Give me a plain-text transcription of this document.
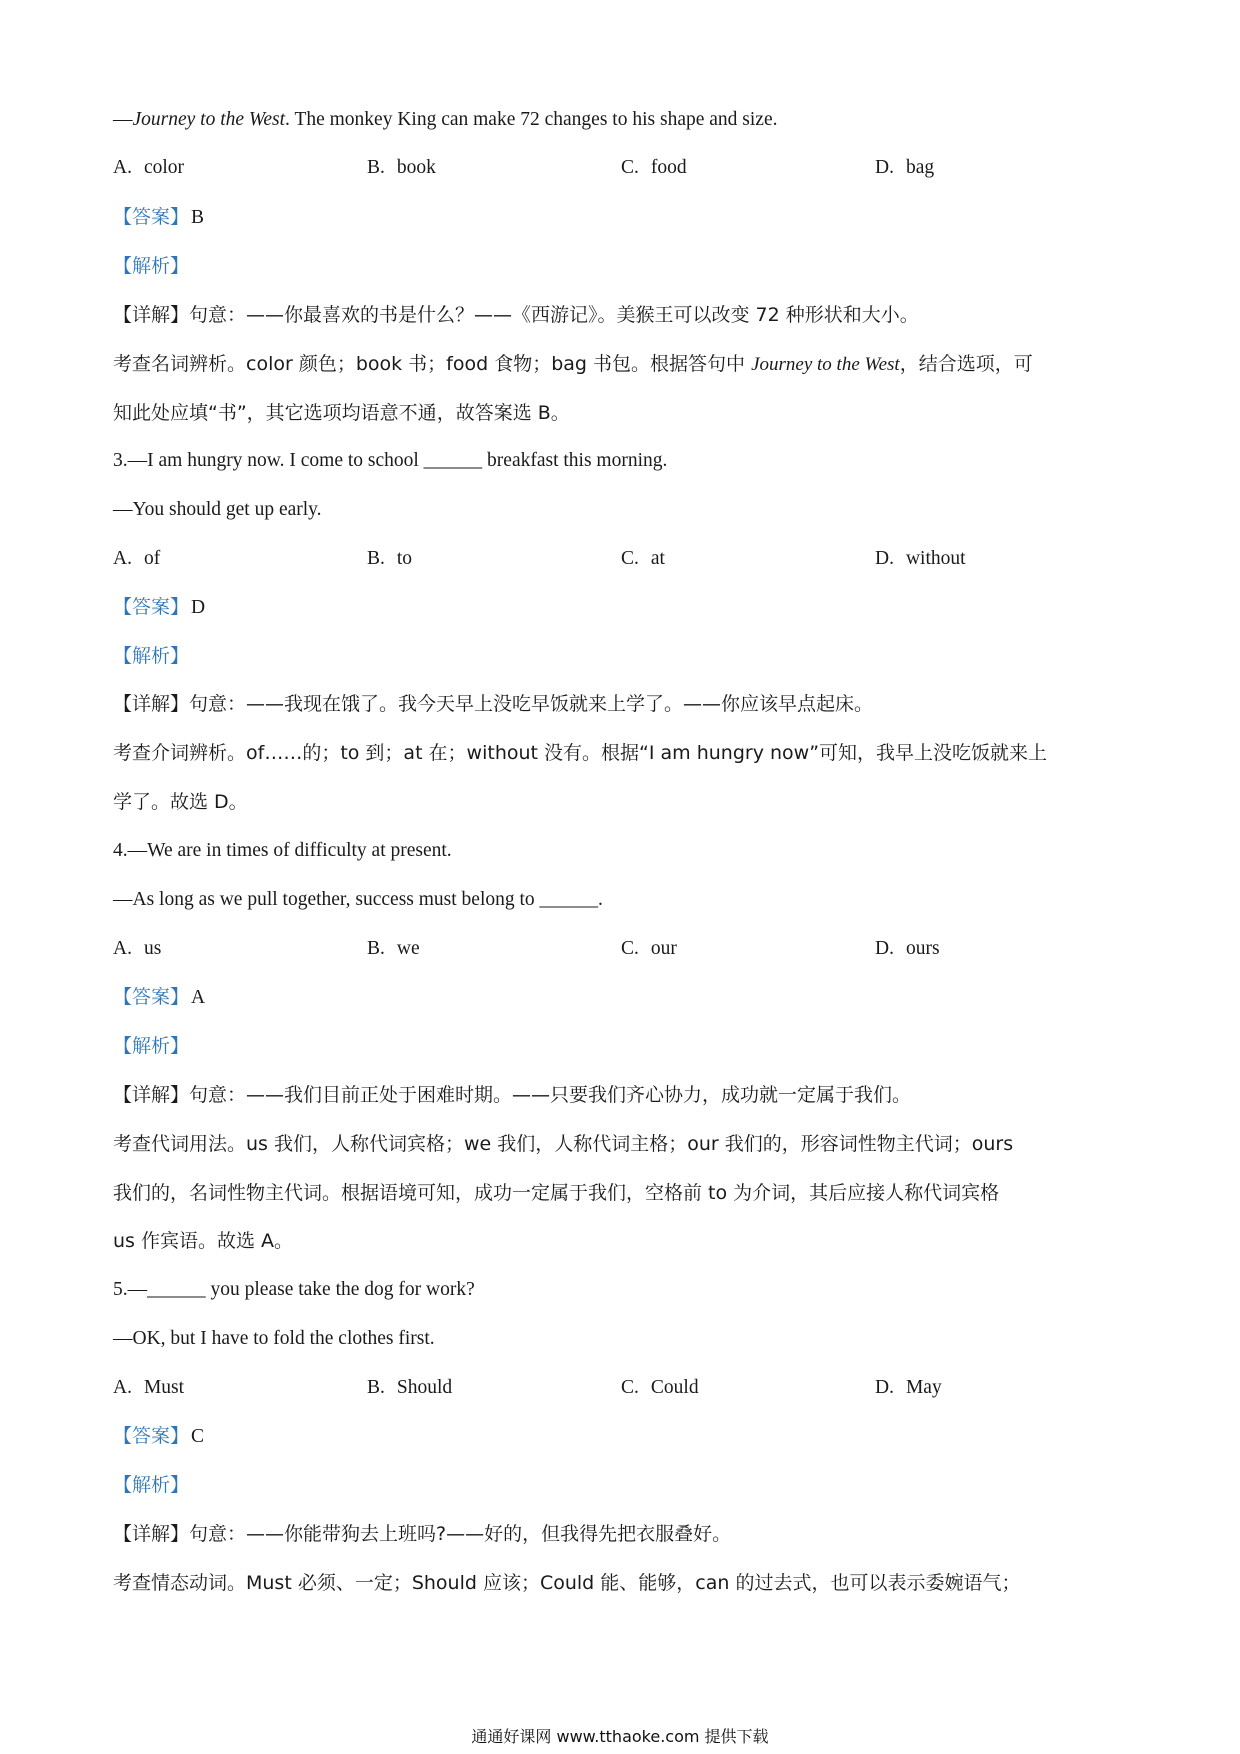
—Journey to the West. The monkey King can make 72 changes to his shape and size.
A. color	B. book	C. food	D. bag
【答案】 B
【解析】
【详解】句意：——你最喜欢的书是什么？——《西游记》。美猴王可以改变 72 种形状和大小。
考查名词辨析。color 颜色；book 书；food 食物；bag 书包。根据答句中 Journey to the West，结合选项，可
知此处应填“书”，其它选项均语意不通，故答案选 B。
3.—I am hungry now. I come to school ______ breakfast this morning.
—You should get up early.
A. of	B. to	C. at	D. without
【答案】 D
【解析】
【详解】句意：——我现在饿了。我今天早上没吃早饭就来上学了。——你应该早点起床。
考查介词辨析。of……的；to 到；at 在；without 没有。根据“I am hungry now”可知，我早上没吃饭就来上
学了。故选 D。
4.—We are in times of difficulty at present.
—As long as we pull together, success must belong to ______.
A. us	B. we	C. our	D. ours
【答案】 A
【解析】
【详解】句意：——我们目前正处于困难时期。——只要我们齐心协力，成功就一定属于我们。
考查代词用法。us 我们，人称代词宾格；we 我们，人称代词主格；our 我们的，形容词性物主代词；ours
我们的，名词性物主代词。根据语境可知，成功一定属于我们，空格前 to 为介词，其后应接人称代词宾格
us 作宾语。故选 A。
5.—______ you please take the dog for work?
—OK, but I have to fold the clothes first.
A. Must	B. Should	C. Could	D. May
【答案】 C
【解析】
【详解】句意：——你能带狗去上班吗?——好的，但我得先把衣服叠好。
考查情态动词。Must 必须、一定；Should 应该；Could 能、能够，can 的过去式，也可以表示委婉语气；
通通好课网 www.tthaoke.com 提供下载
